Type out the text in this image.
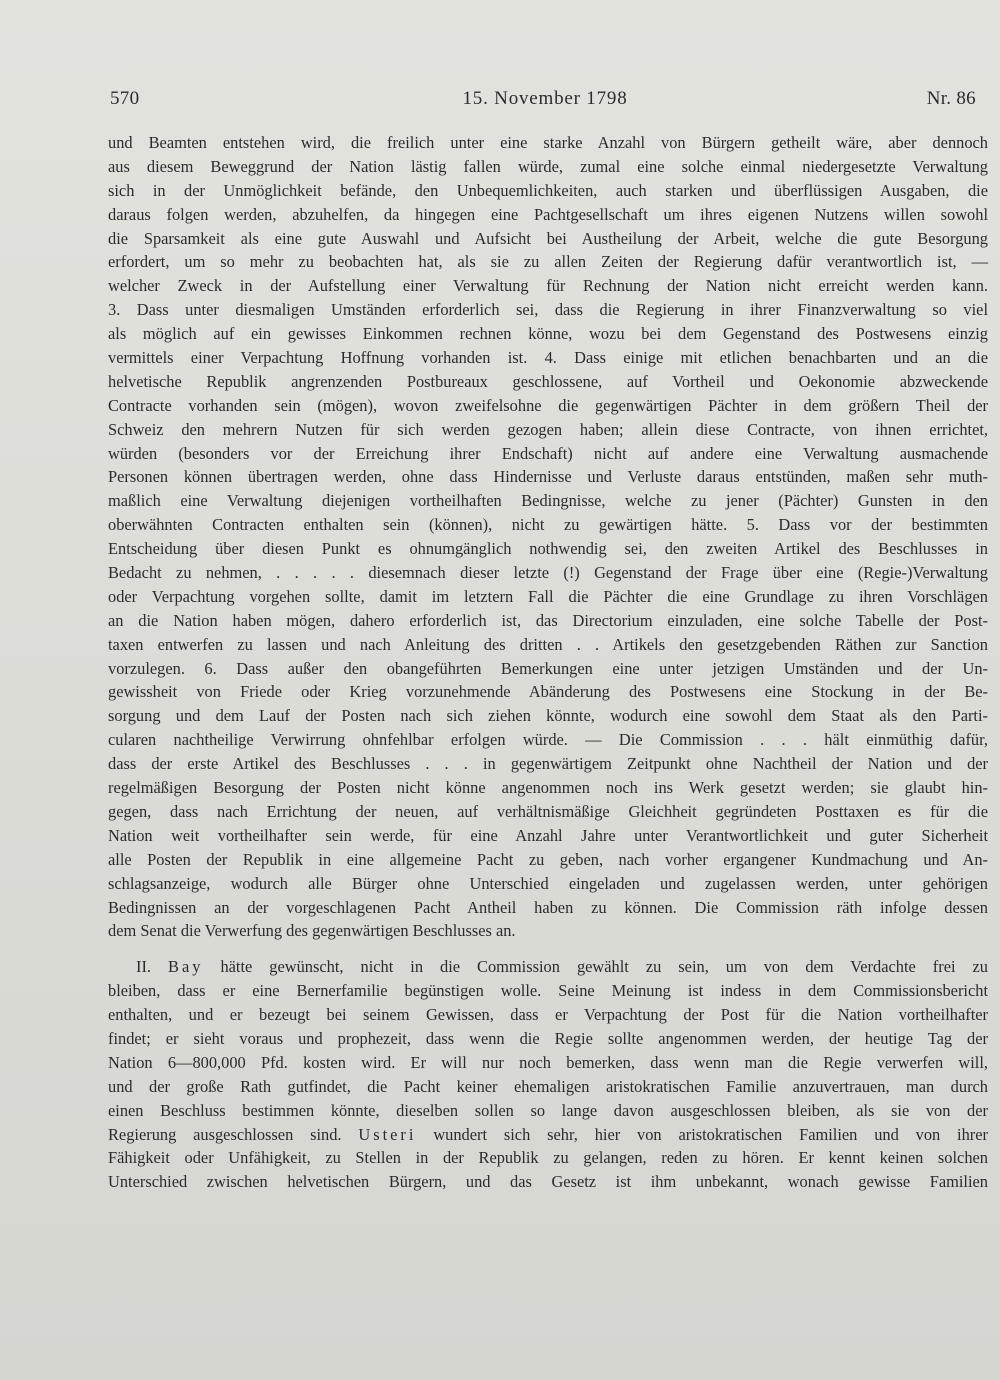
570	15. November 1798	Nr. 86
und Beamten entstehen wird, die freilich unter eine starke Anzahl von Bürgern getheilt wäre, aber dennoch
aus diesem Beweggrund der Nation lästig fallen würde, zumal eine solche einmal niedergesetzte Verwaltung
sich in der Unmöglichkeit befände, den Unbequemlichkeiten, auch starken und überflüssigen Ausgaben, die
daraus folgen werden, abzuhelfen, da hingegen eine Pachtgesellschaft um ihres eigenen Nutzens willen sowohl
die Sparsamkeit als eine gute Auswahl und Aufsicht bei Austheilung der Arbeit, welche die gute Besorgung
erfordert, um so mehr zu beobachten hat, als sie zu allen Zeiten der Regierung dafür verantwortlich ist, —
welcher Zweck in der Aufstellung einer Verwaltung für Rechnung der Nation nicht erreicht werden kann.
3. Dass unter diesmaligen Umständen erforderlich sei, dass die Regierung in ihrer Finanzverwaltung so viel
als möglich auf ein gewisses Einkommen rechnen könne, wozu bei dem Gegenstand des Postwesens einzig
vermittels einer Verpachtung Hoffnung vorhanden ist. 4. Dass einige mit etlichen benachbarten und an die
helvetische Republik angrenzenden Postbureaux geschlossene, auf Vortheil und Oekonomie abzweckende
Contracte vorhanden sein (mögen), wovon zweifelsohne die gegenwärtigen Pächter in dem größern Theil der
Schweiz den mehrern Nutzen für sich werden gezogen haben; allein diese Contracte, von ihnen errichtet,
würden (besonders vor der Erreichung ihrer Endschaft) nicht auf andere eine Verwaltung ausmachende
Personen können übertragen werden, ohne dass Hindernisse und Verluste daraus entstünden, maßen sehr muth-
maßlich eine Verwaltung diejenigen vortheilhaften Bedingnisse, welche zu jener (Pächter) Gunsten in den
oberwähnten Contracten enthalten sein (können), nicht zu gewärtigen hätte. 5. Dass vor der bestimmten
Entscheidung über diesen Punkt es ohnumgänglich nothwendig sei, den zweiten Artikel des Beschlusses in
Bedacht zu nehmen, . . . . . diesemnach dieser letzte (!) Gegenstand der Frage über eine (Regie-)Verwaltung
oder Verpachtung vorgehen sollte, damit im letztern Fall die Pächter die eine Grundlage zu ihren Vorschlägen
an die Nation haben mögen, dahero erforderlich ist, das Directorium einzuladen, eine solche Tabelle der Post-
taxen entwerfen zu lassen und nach Anleitung des dritten . . Artikels den gesetzgebenden Räthen zur Sanction
vorzulegen. 6. Dass außer den obangeführten Bemerkungen eine unter jetzigen Umständen und der Un-
gewissheit von Friede oder Krieg vorzunehmende Abänderung des Postwesens eine Stockung in der Be-
sorgung und dem Lauf der Posten nach sich ziehen könnte, wodurch eine sowohl dem Staat als den Parti-
cularen nachtheilige Verwirrung ohnfehlbar erfolgen würde. — Die Commission . . . hält einmüthig dafür,
dass der erste Artikel des Beschlusses . . . in gegenwärtigem Zeitpunkt ohne Nachtheil der Nation und der
regelmäßigen Besorgung der Posten nicht könne angenommen noch ins Werk gesetzt werden; sie glaubt hin-
gegen, dass nach Errichtung der neuen, auf verhältnismäßige Gleichheit gegründeten Posttaxen es für die
Nation weit vortheilhafter sein werde, für eine Anzahl Jahre unter Verantwortlichkeit und guter Sicherheit
alle Posten der Republik in eine allgemeine Pacht zu geben, nach vorher ergangener Kundmachung und An-
schlagsanzeige, wodurch alle Bürger ohne Unterschied eingeladen und zugelassen werden, unter gehörigen
Bedingnissen an der vorgeschlagenen Pacht Antheil haben zu können. Die Commission räth infolge dessen
dem Senat die Verwerfung des gegenwärtigen Beschlusses an.
II. Bay hätte gewünscht, nicht in die Commission gewählt zu sein, um von dem Verdachte frei zu
bleiben, dass er eine Bernerfamilie begünstigen wolle. Seine Meinung ist indess in dem Commissionsbericht
enthalten, und er bezeugt bei seinem Gewissen, dass er Verpachtung der Post für die Nation vortheilhafter
findet; er sieht voraus und prophezeit, dass wenn die Regie sollte angenommen werden, der heutige Tag der
Nation 6—800,000 Pfd. kosten wird. Er will nur noch bemerken, dass wenn man die Regie verwerfen will,
und der große Rath gutfindet, die Pacht keiner ehemaligen aristokratischen Familie anzuvertrauen, man durch
einen Beschluss bestimmen könnte, dieselben sollen so lange davon ausgeschlossen bleiben, als sie von der
Regierung ausgeschlossen sind. Usteri wundert sich sehr, hier von aristokratischen Familien und von ihrer
Fähigkeit oder Unfähigkeit, zu Stellen in der Republik zu gelangen, reden zu hören. Er kennt keinen solchen
Unterschied zwischen helvetischen Bürgern, und das Gesetz ist ihm unbekannt, wonach gewisse Familien
